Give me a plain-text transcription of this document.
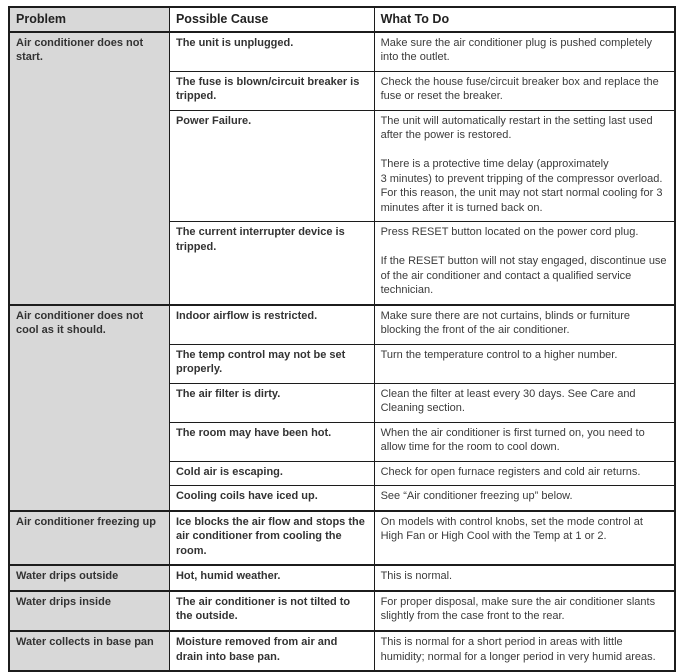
Problem	Possible Cause	What To Do
Air conditioner does not start.	The unit is unplugged.	Make sure the air conditioner plug is pushed completely into the outlet.
	The fuse is blown/circuit breaker is tripped.	Check the house fuse/circuit breaker box and replace the fuse or reset the breaker.
	Power Failure.	The unit will automatically restart in the setting last used after the power is restored.

There is a protective time delay (approximately
3 minutes) to prevent tripping of the compressor overload. For this reason, the unit may not start normal cooling for 3 minutes after it is turned back on.
	The current interrupter device is tripped.	Press RESET button located on the power cord plug.

If the RESET button will not stay engaged, discontinue use of the air conditioner and contact a qualified service technician.
Air conditioner does not cool as it should.	Indoor airflow is restricted.	Make sure there are not curtains, blinds or furniture blocking the front of the air conditioner.
	The temp control may not be set properly.	Turn the temperature control to a higher number.
	The air filter is dirty.	Clean the filter at least every 30 days. See Care and Cleaning section.
	The room may have been hot.	When the air conditioner is first turned on, you need to allow time for the room to cool down.
	Cold air is escaping.	Check for open furnace registers and cold air returns.
	Cooling coils have iced up.	See “Air conditioner freezing up” below.
Air conditioner freezing up	Ice blocks the air flow and stops the air conditioner from cooling the room.	On models with control knobs, set the mode control at High Fan or High Cool with the Temp at 1 or 2.
Water drips outside	Hot, humid weather.	This is normal.
Water drips inside	The air conditioner is not tilted to the outside.	For proper disposal, make sure the air conditioner slants slightly from the case front to the rear.
Water collects in base pan	Moisture removed from air and drain into base pan.	This is normal for a short period in areas with little humidity; normal for a longer period in very humid areas.
